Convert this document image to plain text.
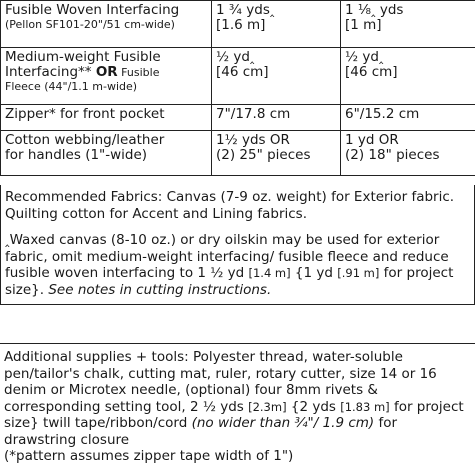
Fusible Woven Interfacing
(Pellon SF101-20"/51 cm-wide)	1 ¾ yds‸
[1.6 m]	1 ⅛‸ yds
[1 m]

Medium-weight Fusible
Interfacing** OR Fusible
Fleece (44"/1.1 m-wide)	½ yd‸
[46 cm]	½ yd‸
[46 cm]

Zipper* for front pocket	7"/17.8 cm	6"/15.2 cm

Cotton webbing/leather
for handles (1"-wide)	1½ yds OR
(2) 25" pieces	1 yd OR
(2) 18" pieces

Recommended Fabrics: Canvas (7-9 oz. weight) for Exterior fabric. Quilting cotton for Accent and Lining fabrics.

‸Waxed canvas (8-10 oz.) or dry oilskin may be used for exterior fabric, omit medium-weight interfacing/ fusible fleece and reduce fusible woven interfacing to 1 ½ yd [1.4 m] {1 yd [.91 m] for project size}. See notes in cutting instructions.

Additional supplies + tools: Polyester thread, water-soluble pen/tailor's chalk, cutting mat, ruler, rotary cutter, size 14 or 16 denim or Microtex needle, (optional) four 8mm rivets & corresponding setting tool, 2 ½ yds [2.3m] {2 yds [1.83 m] for project size} twill tape/ribbon/cord (no wider than ¾"/ 1.9 cm) for drawstring closure
(*pattern assumes zipper tape width of 1")
